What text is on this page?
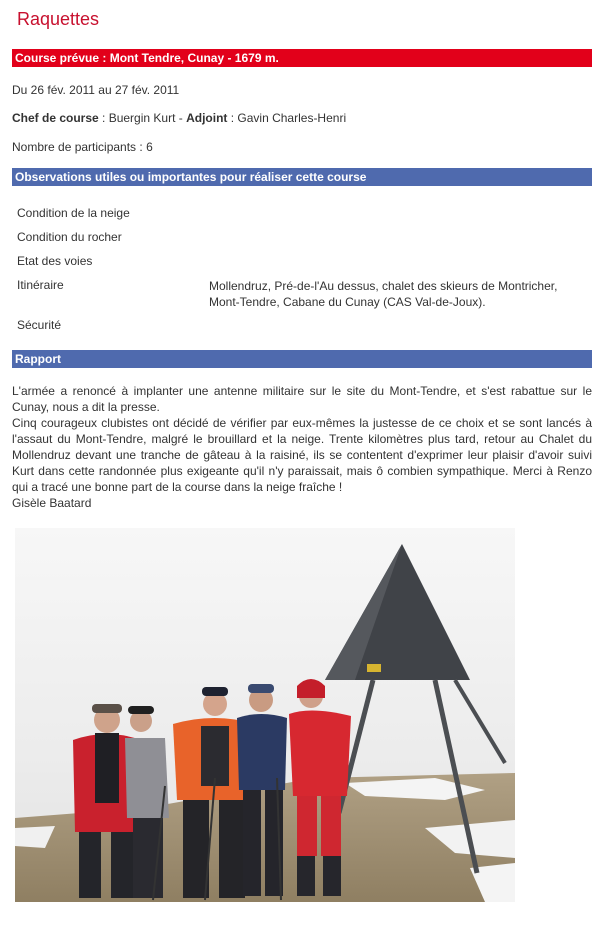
Raquettes
Course prévue : Mont Tendre, Cunay - 1679 m.
Du 26 fév. 2011 au 27 fév. 2011
Chef de course : Buergin Kurt - Adjoint : Gavin Charles-Henri
Nombre de participants : 6
Observations utiles ou importantes pour réaliser cette course
Condition de la neige
Condition du rocher
Etat des voies
Itinéraire	Mollendruz, Pré-de-l'Au dessus, chalet des skieurs de Montricher, Mont-Tendre, Cabane du Cunay (CAS Val-de-Joux).
Sécurité
Rapport
L'armée a renoncé à implanter une antenne militaire sur le site du Mont-Tendre, et s'est rabattue sur le Cunay, nous a dit la presse.
Cinq courageux clubistes ont décidé de vérifier par eux-mêmes la justesse de ce choix et se sont lancés à l'assaut du Mont-Tendre, malgré le brouillard et la neige. Trente kilomètres plus tard, retour au Chalet du Mollendruz devant une tranche de gâteau à la raisiné, ils se contentent d'exprimer leur plaisir d'avoir suivi Kurt dans cette randonnée plus exigeante qu'il n'y paraissait, mais ô combien sympathique. Merci à Renzo qui a tracé une bonne part de la course dans la neige fraîche !
Gisèle Baatard
